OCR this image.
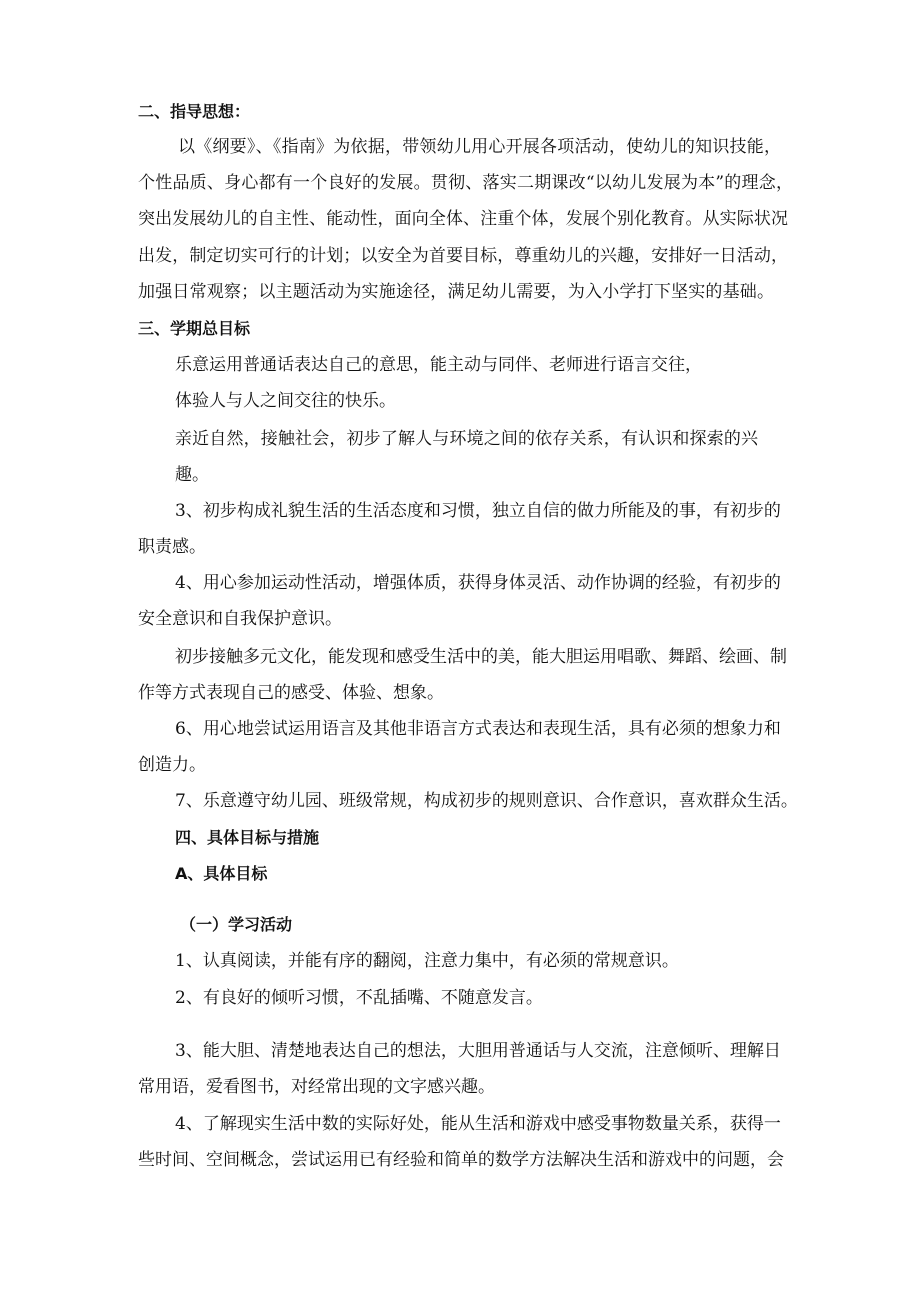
二、指导思想：
以《纲要》、《指南》为依据，带领幼儿用心开展各项活动，使幼儿的知识技能，
个性品质、身心都有一个良好的发展。贯彻、落实二期课改“以幼儿发展为本”的理念，
突出发展幼儿的自主性、能动性，面向全体、注重个体，发展个别化教育。从实际状况
出发，制定切实可行的计划；以安全为首要目标，尊重幼儿的兴趣，安排好一日活动，
加强日常观察；以主题活动为实施途径，满足幼儿需要，为入小学打下坚实的基础。
三、学期总目标
乐意运用普通话表达自己的意思，能主动与同伴、老师进行语言交往，
体验人与人之间交往的快乐。
亲近自然，接触社会，初步了解人与环境之间的依存关系，有认识和探索的兴
趣。
3、初步构成礼貌生活的生活态度和习惯，独立自信的做力所能及的事，有初步的
职责感。
4、用心参加运动性活动，增强体质，获得身体灵活、动作协调的经验，有初步的
安全意识和自我保护意识。
初步接触多元文化，能发现和感受生活中的美，能大胆运用唱歌、舞蹈、绘画、制
作等方式表现自己的感受、体验、想象。
6、用心地尝试运用语言及其他非语言方式表达和表现生活，具有必须的想象力和
创造力。
7、乐意遵守幼儿园、班级常规，构成初步的规则意识、合作意识，喜欢群众生活。
四、具体目标与措施
A、具体目标
（一）学习活动
1、认真阅读，并能有序的翻阅，注意力集中，有必须的常规意识。
2、有良好的倾听习惯，不乱插嘴、不随意发言。
3、能大胆、清楚地表达自己的想法，大胆用普通话与人交流，注意倾听、理解日
常用语，爱看图书，对经常出现的文字感兴趣。
4、了解现实生活中数的实际好处，能从生活和游戏中感受事物数量关系，获得一
些时间、空间概念，尝试运用已有经验和简单的数学方法解决生活和游戏中的问题，会
